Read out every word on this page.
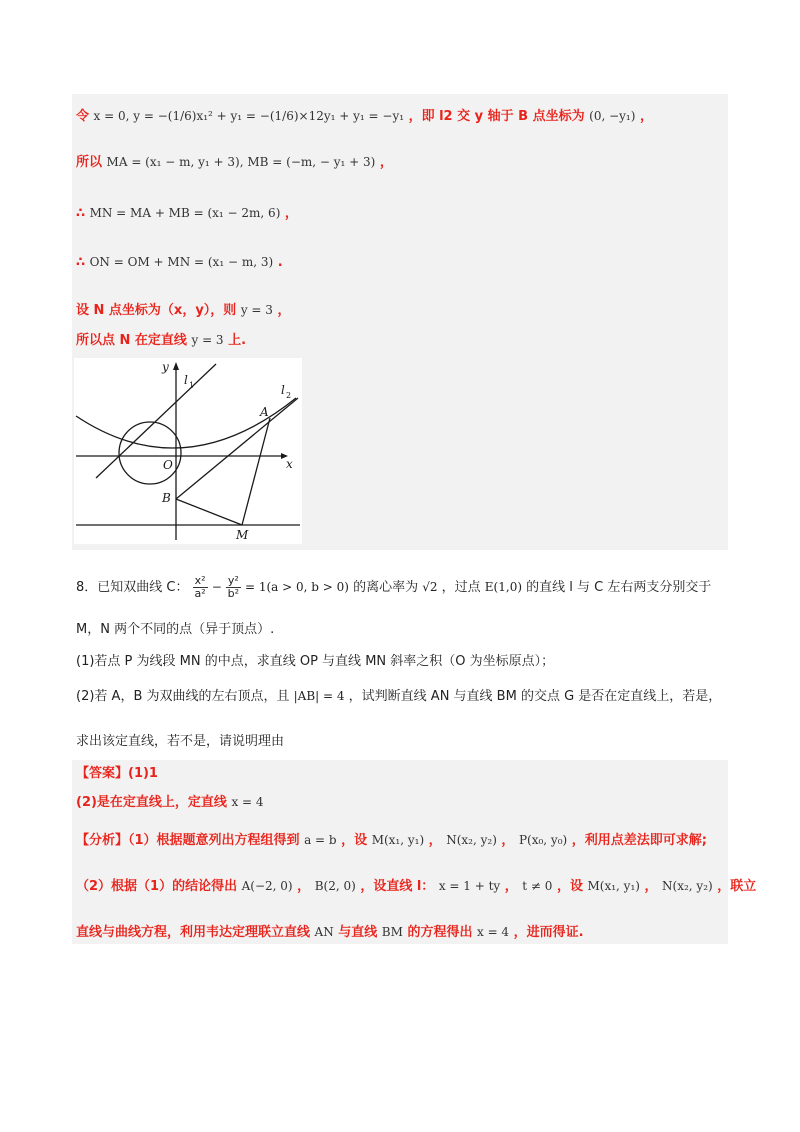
令 x = 0, y = −(1/6)x₁² + y₁ = −(1/6)×12y₁ + y₁ = −y₁ ，即 l2 交 y 轴于 B 点坐标为 (0, −y₁) ，
所以 MA = (x₁ − m, y₁ + 3), MB = (−m, − y₁ + 3) ，
∴ MN = MA + MB = (x₁ − 2m, 6) ，
∴ ON = OM + MN = (x₁ − m, 3) .
设 N 点坐标为（x，y），则 y = 3 ，
所以点 N 在定直线 y = 3 上.
y
x
O
A
B
M
l 1	l 2
8．已知双曲线 C： $\frac{\text{x²}}{\text{a²}} - \frac{\text{y²}}{\text{b²}} = 1(a > 0$, b > 0) 的离心率为 √2 ，过点 E(1,0) 的直线 l 与 C 左右两支分别交于
M，N 两个不同的点（异于顶点）.
(1)若点 P 为线段 MN 的中点，求直线 OP 与直线 MN 斜率之积（O 为坐标原点）；
(2)若 A，B 为双曲线的左右顶点，且 |AB| = 4 ，试判断直线 AN 与直线 BM 的交点 G 是否在定直线上，若是，
求出该定直线，若不是，请说明理由
【答案】(1)1
(2)是在定直线上，定直线 x = 4
【分析】（1）根据题意列出方程组得到 a = b ，设 M(x₁, y₁) ， N(x₂, y₂) ， P(x₀, y₀) ，利用点差法即可求解;
（2）根据（1）的结论得出 A(−2, 0) ， B(2, 0) ，设直线 l： x = 1 + ty ， t ≠ 0 ，设 M(x₁, y₁) ， N(x₂, y₂) ，联立
直线与曲线方程，利用韦达定理联立直线 AN 与直线 BM 的方程得出 x = 4 ，进而得证.
